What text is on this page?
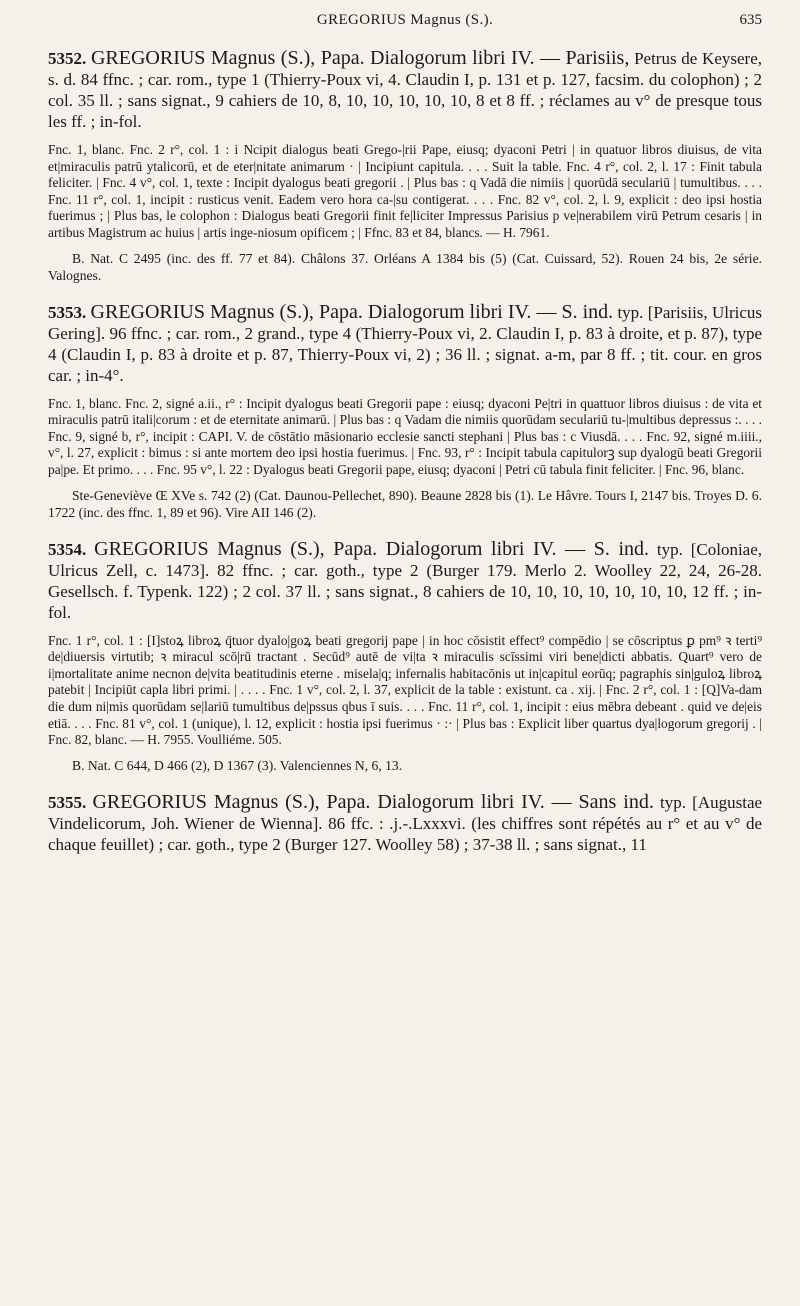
GREGORIUS Magnus (S.).	635

5352. GREGORIUS Magnus (S.), Papa. Dialogorum libri IV. — Parisiis, Petrus de Keysere, s. d. 84 ffnc. ; car. rom., type 1 (Thierry-Poux vi, 4. Claudin I, p. 131 et p. 127, facsim. du colophon) ; 2 col. 35 ll. ; sans signat., 9 cahiers de 10, 8, 10, 10, 10, 10, 10, 8 et 8 ff. ; réclames au v° de presque tous les ff. ; in-fol.

Fnc. 1, blanc. Fnc. 2 r°, col. 1 : i Ncipit dialogus beati Grego-|rii Pape, eiusq; dyaconi Petri | in quatuor libros diuisus, de vita et|miraculis patrū ytalicorū, et de eter|nitate animarum · | Incipiunt capitula. . . . Suit la table. Fnc. 4 r°, col. 2, l. 17 : Finit tabula feliciter. | Fnc. 4 v°, col. 1, texte : Incipit dyalogus beati gregorii . | Plus bas : q Vadā die nimiis | quorūdā seculariū | tumultibus. . . . Fnc. 11 r°, col. 1, incipit : rusticus venit. Eadem vero hora ca-|su contigerat. . . . Fnc. 82 v°, col. 2, l. 9, explicit : deo ipsi hostia fuerimus ; | Plus bas, le colophon : Dialogus beati Gregorii finit fe|liciter Impressus Parisius p ve|nerabilem virū Petrum cesaris | in artibus Magistrum ac huius | artis inge-niosum opificem ; | Ffnc. 83 et 84, blancs. — H. 7961.

B. Nat. C 2495 (inc. des ff. 77 et 84). Châlons 37. Orléans A 1384 bis (5) (Cat. Cuissard, 52). Rouen 24 bis, 2e série. Valognes.

5353. GREGORIUS Magnus (S.), Papa. Dialogorum libri IV. — S. ind. typ. [Parisiis, Ulricus Gering]. 96 ffnc. ; car. rom., 2 grand., type 4 (Thierry-Poux vi, 2. Claudin I, p. 83 à droite, et p. 87), type 4 (Claudin I, p. 83 à droite et p. 87, Thierry-Poux vi, 2) ; 36 ll. ; signat. a-m, par 8 ff. ; tit. cour. en gros car. ; in-4°.

Fnc. 1, blanc. Fnc. 2, signé a.ii., r° : Incipit dyalogus beati Gregorii pape : eiusq; dyaconi Pe|tri in quattuor libros diuisus : de vita et miraculis patrū itali|corum : et de eternitate animarū. | Plus bas : q Vadam die nimiis quorūdam seculariū tu-|multibus depressus :. . . . Fnc. 9, signé b, r°, incipit : CAPI. V. de cōstātio māsionario ecclesie sancti stephani | Plus bas : c Viusdā. . . . Fnc. 92, signé m.iiii., v°, l. 27, explicit : bimus : si ante mortem deo ipsi hostia fuerimus. | Fnc. 93, r° : Incipit tabula capitulorꝫ sup dyalogū beati Gregorii pa|pe. Et primo. . . . Fnc. 95 v°, l. 22 : Dyalogus beati Gregorii pape, eiusq; dyaconi | Petri cū tabula finit feliciter. | Fnc. 96, blanc.

Ste-Geneviève Œ XVe s. 742 (2) (Cat. Daunou-Pellechet, 890). Beaune 2828 bis (1). Le Hâvre. Tours I, 2147 bis. Troyes D. 6. 1722 (inc. des ffnc. 1, 89 et 96). Vire AII 146 (2).

5354. GREGORIUS Magnus (S.), Papa. Dialogorum libri IV. — S. ind. typ. [Coloniae, Ulricus Zell, c. 1473]. 82 ffnc. ; car. goth., type 2 (Burger 179. Merlo 2. Woolley 22, 24, 26-28. Gesellsch. f. Typenk. 122) ; 2 col. 37 ll. ; sans signat., 8 cahiers de 10, 10, 10, 10, 10, 10, 10, 12 ff. ; in-fol.

Fnc. 1 r°, col. 1 : [I]stoꝝ libroꝝ q̄tuor dyalo|goꝝ beati gregorij pape | in hoc cōsistit effect⁹ compēdio | se cōscriptus ꝑ pm⁹ ꝛ terti⁹ de|diuersis virtutib; ꝛ miracul scō|rū tractant . Secūd⁹ autē de vi|ta ꝛ miraculis scīssimi viri bene|dicti abbatis. Quart⁹ vero de i|mortalitate anime necnon de|vita beatitudinis eterne . misela|q; infernalis habitacōnis ut in|capitul eorūq; pagraphis sin|guloꝝ libroꝝ patebit | Incipiūt capla libri primi. | . . . . Fnc. 1 v°, col. 2, l. 37, explicit de la table : existunt. ca . xij. | Fnc. 2 r°, col. 1 : [Q]Va-dam die dum ni|mis quorūdam se|lariū tumultibus de|pssus qbus ī suis. . . . Fnc. 11 r°, col. 1, incipit : eius mēbra debeant . quid ve de|eis etiā. . . . Fnc. 81 v°, col. 1 (unique), l. 12, explicit : hostia ipsi fuerimus · :· | Plus bas : Explicit liber quartus dya|logorum gregorij . | Fnc. 82, blanc. — H. 7955. Voulliéme. 505.

B. Nat. C 644, D 466 (2), D 1367 (3). Valenciennes N, 6, 13.

5355. GREGORIUS Magnus (S.), Papa. Dialogorum libri IV. — Sans ind. typ. [Augustae Vindelicorum, Joh. Wiener de Wienna]. 86 ffc. : .j.-.Lxxxvi. (les chiffres sont répétés au r° et au v° de chaque feuillet) ; car. goth., type 2 (Burger 127. Woolley 58) ; 37-38 ll. ; sans signat., 11
